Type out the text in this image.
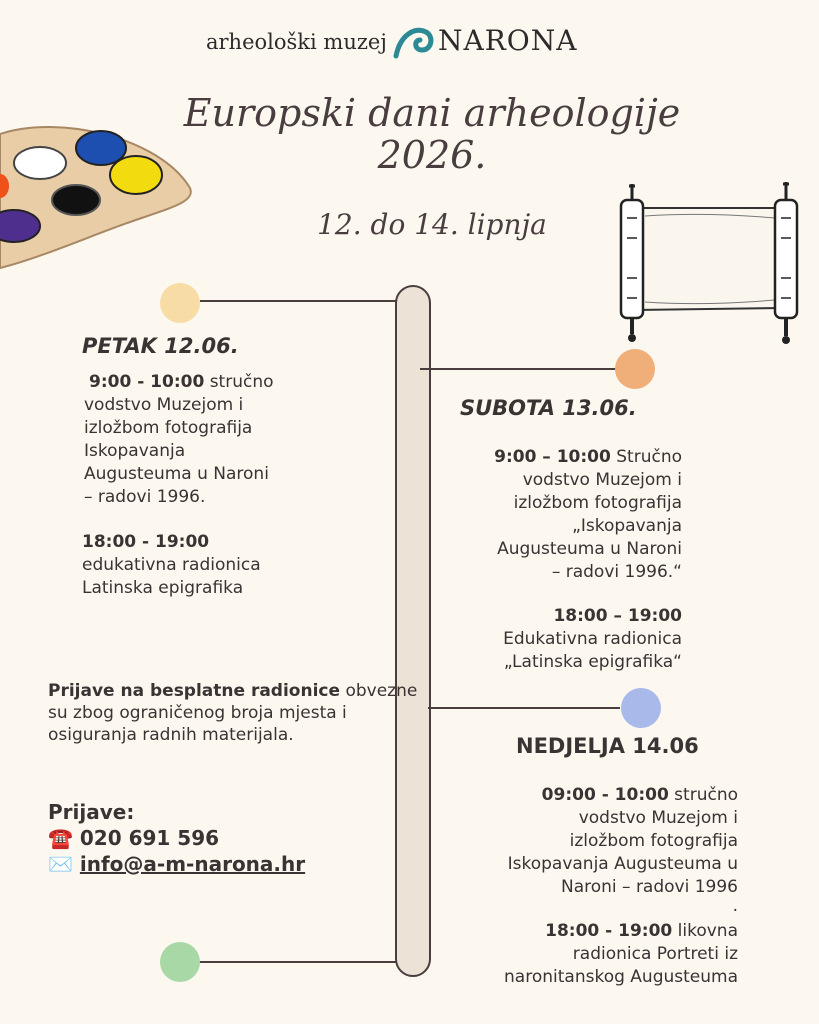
arheološki muzej NARONA
Europski dani arheologije
2026.
12. do 14. lipnja
PETAK 12.06.
9:00 - 10:00 stručno
vodstvo Muzejom i
izložbom fotografija
Iskopavanja
Augusteuma u Naroni
– radovi 1996.
18:00 - 19:00
edukativna radionica
Latinska epigrafika
SUBOTA 13.06.
9:00 – 10:00 Stručno
vodstvo Muzejom i
izložbom fotografija
„Iskopavanja
Augusteuma u Naroni
– radovi 1996.“
18:00 – 19:00
Edukativna radionica
„Latinska epigrafika“
NEDJELJA 14.06
09:00 - 10:00 stručno
vodstvo Muzejom i
izložbom fotografija
Iskopavanja Augusteuma u
Naroni – radovi 1996
.
18:00 - 19:00 likovna
radionica Portreti iz
naronitanskog Augusteuma
Prijave na besplatne radionice obvezne su zbog ograničenog broja mjesta i osiguranja radnih materijala.
Prijave:
☎️ 020 691 596
✉️ info@a-m-narona.hr
